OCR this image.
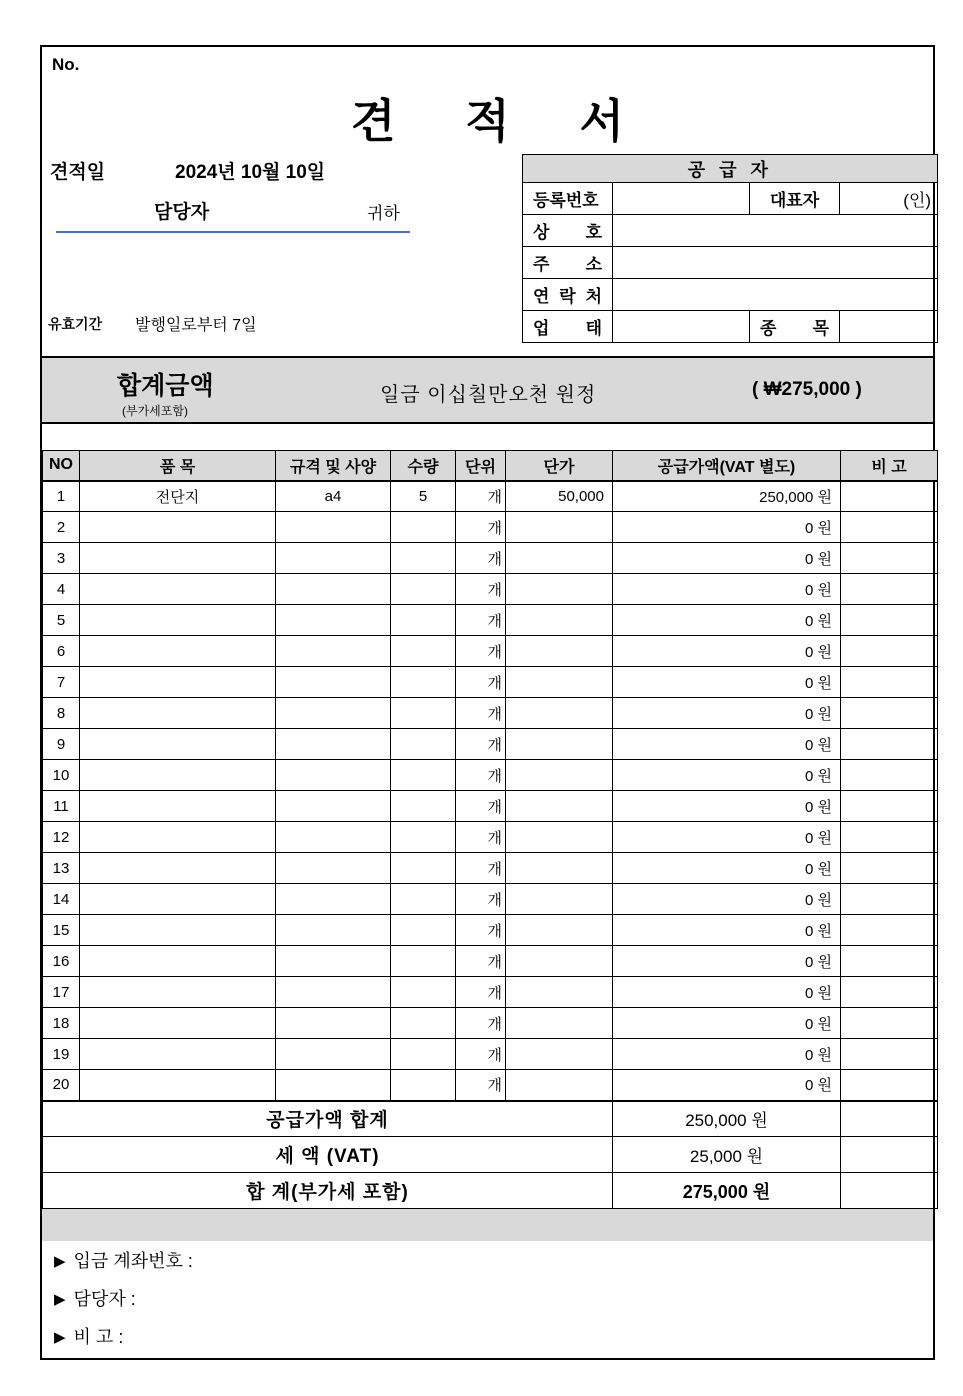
No.
견 적 서
견적일	2024년 10월 10일
담당자	귀하
유효기간 발행일로부터 7일
공 급 자			
등록번호		대표자	(인)
상 호			
주 소			
연 락 처			
업 태		종 목	
합계금액
(부가세포함)
일금 이십칠만오천 원정	( ₩275,000 )
NO	품 목	규격 및 사양	수량	단위	단가	공급가액(VAT 별도)	비 고
1	전단지	a4	5	개	50,000	250,000 원	
2				개		0 원	
3				개		0 원	
4				개		0 원	
5				개		0 원	
6				개		0 원	
7				개		0 원	
8				개		0 원	
9				개		0 원	
10				개		0 원	
11				개		0 원	
12				개		0 원	
13				개		0 원	
14				개		0 원	
15				개		0 원	
16				개		0 원	
17				개		0 원	
18				개		0 원	
19				개		0 원	
20				개		0 원	
공급가액 합계						250,000 원	
세 액 (VAT)						25,000 원	
합 계(부가세 포함)						275,000 원	
▶ 입금 계좌번호 :
▶ 담당자 :
▶ 비 고 :
